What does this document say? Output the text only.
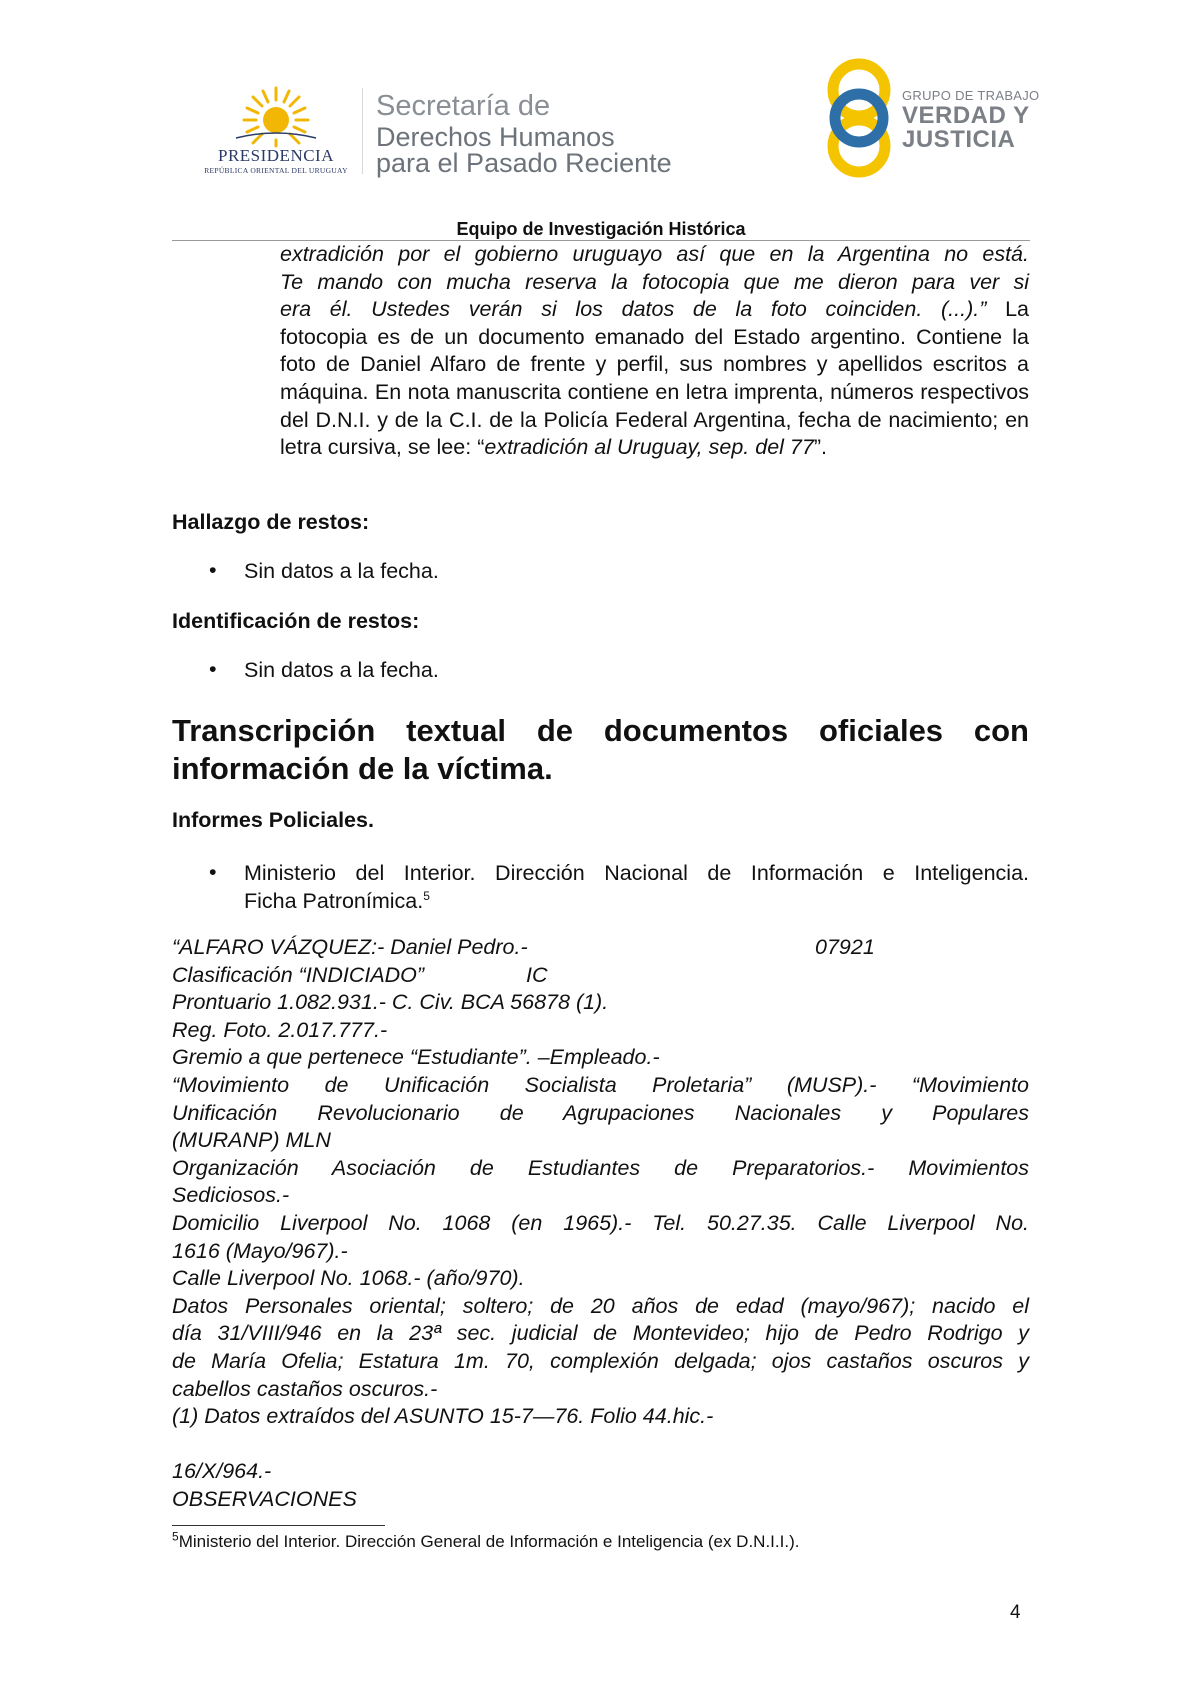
PRESIDENCIA
REPÚBLICA ORIENTAL DEL URUGUAY
Secretaría de
Derechos Humanos
para el Pasado Reciente
GRUPO DE TRABAJO
VERDAD Y
JUSTICIA
Equipo de Investigación Histórica
extradición por el gobierno uruguayo así que en la Argentina no está.
Te mando con mucha reserva la fotocopia que me dieron para ver si
era él. Ustedes verán si los datos de la foto coinciden. (...).” La
fotocopia es de un documento emanado del Estado argentino. Contiene la foto de Daniel Alfaro de frente y perfil, sus nombres y apellidos escritos a máquina. En nota manuscrita contiene en letra imprenta, números respectivos del D.N.I. y de la C.I. de la Policía Federal Argentina, fecha de nacimiento; en letra cursiva, se lee: “extradición al Uruguay, sep. del 77”.
Hallazgo de restos:
• Sin datos a la fecha.
Identificación de restos:
• Sin datos a la fecha.
Transcripción textual de documentos oficiales con
información de la víctima.
Informes Policiales.
• Ministerio del Interior. Dirección Nacional de Información e Inteligencia.
Ficha Patronímica.$^5$
“ALFARO VÁZQUEZ:- Daniel Pedro.-	07921
Clasificación “INDICIADO”	IC
Prontuario 1.082.931.- C. Civ. BCA 56878 (1).
Reg. Foto. 2.017.777.-
Gremio a que pertenece “Estudiante”. –Empleado.-
“Movimiento de Unificación Socialista Proletaria” (MUSP).- “Movimiento
Unificación Revolucionario de Agrupaciones Nacionales y Populares
(MURANP) MLN
Organización Asociación de Estudiantes de Preparatorios.- Movimientos
Sediciosos.-
Domicilio Liverpool No. 1068 (en 1965).- Tel. 50.27.35. Calle Liverpool No.
1616 (Mayo/967).-
Calle Liverpool No. 1068.- (año/970).
Datos Personales oriental; soltero; de 20 años de edad (mayo/967); nacido el
día 31/VIII/946 en la 23ª sec. judicial de Montevideo; hijo de Pedro Rodrigo y
de María Ofelia; Estatura 1m. 70, complexión delgada; ojos castaños oscuros y
cabellos castaños oscuros.-
(1) Datos extraídos del ASUNTO 15-7—76. Folio 44.hic.-
16/X/964.-
OBSERVACIONES
$^5$Ministerio del Interior. Dirección General de Información e Inteligencia (ex D.N.I.I.).
4
